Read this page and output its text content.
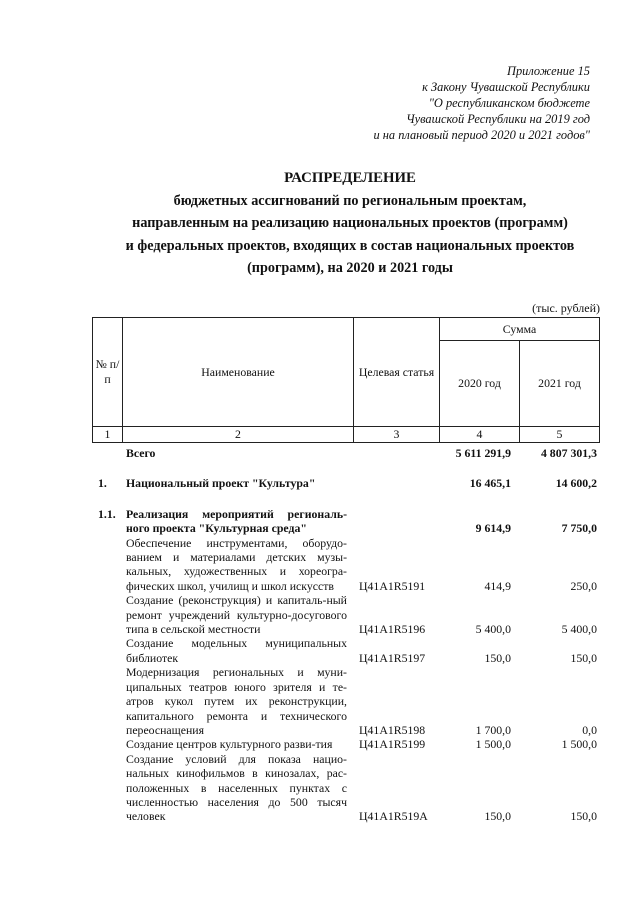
Приложение 15
к Закону Чувашской Республики
"О республиканском бюджете
Чувашской Республики на 2019 год
и на плановый период 2020 и 2021 годов"
РАСПРЕДЕЛЕНИЕ
бюджетных ассигнований по региональным проектам,
направленным на реализацию национальных проектов (программ)
и федеральных проектов, входящих в состав национальных проектов
(программ), на 2020 и 2021 годы
(тыс. рублей)
№ п/п	Наименование	Целевая статья	Сумма	
			2020 год	2021 год
1	2	3	4	5
	Всего		5 611 291,9	4 807 301,3

1.	Национальный проект "Культура"		16 465,1	14 600,2

1.1.	Реализация мероприятий региональ-ного проекта "Культурная среда"		9 614,9	7 750,0
	Обеспечение инструментами, оборудо-ванием и материалами детских музы-кальных, художественных и хореогра-фических школ, училищ и школ искусств	Ц41А1R5191	414,9	250,0
	Создание (реконструкция) и капиталь-ный ремонт учреждений культурно-досугового типа в сельской местности	Ц41А1R5196	5 400,0	5 400,0
	Создание модельных муниципальных библиотек	Ц41А1R5197	150,0	150,0
	Модернизация региональных и муни-ципальных театров юного зрителя и те-атров кукол путем их реконструкции, капитального ремонта и технического переоснащения	Ц41А1R5198	1 700,0	0,0
	Создание центров культурного разви-тия	Ц41А1R5199	1 500,0	1 500,0
	Создание условий для показа нацио-нальных кинофильмов в кинозалах, рас-положенных в населенных пунктах с численностью населения до 500 тысяч человек	Ц41А1R519А	150,0	150,0
